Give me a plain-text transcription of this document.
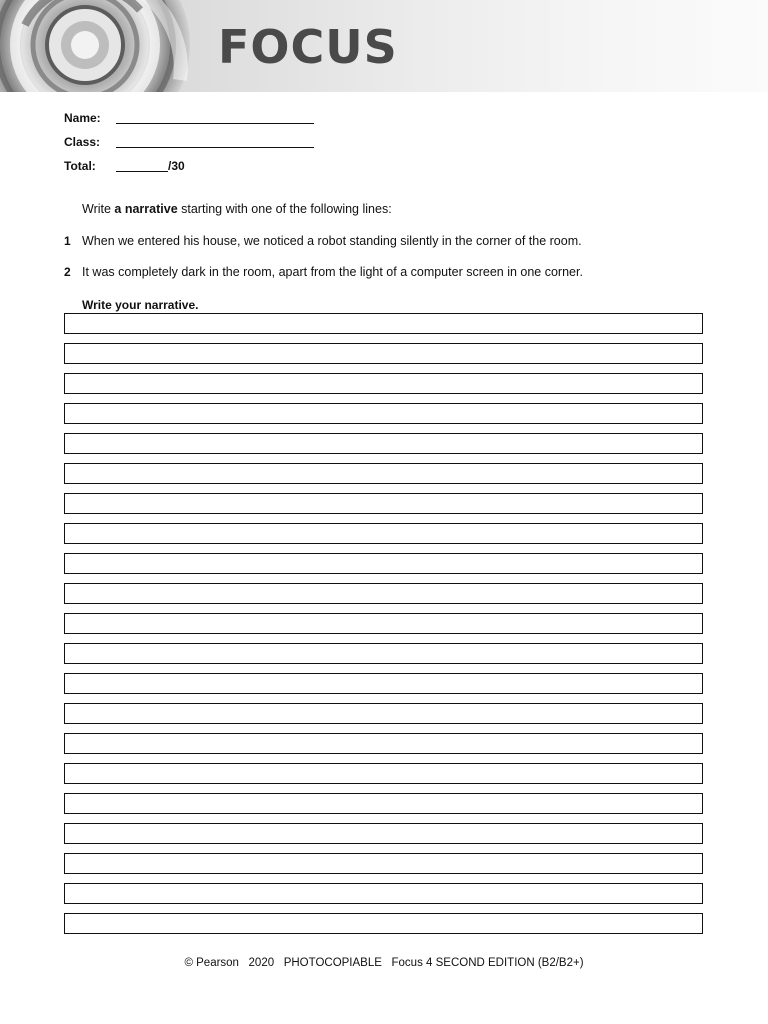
FOCUS
Name:
Class:
Total:	/30
Write a narrative starting with one of the following lines:
1 When we entered his house, we noticed a robot standing silently in the corner of the room.
2 It was completely dark in the room, apart from the light of a computer screen in one corner.
Write your narrative.
© Pearson   2020   PHOTOCOPIABLE   Focus 4 SECOND EDITION (B2/B2+)
